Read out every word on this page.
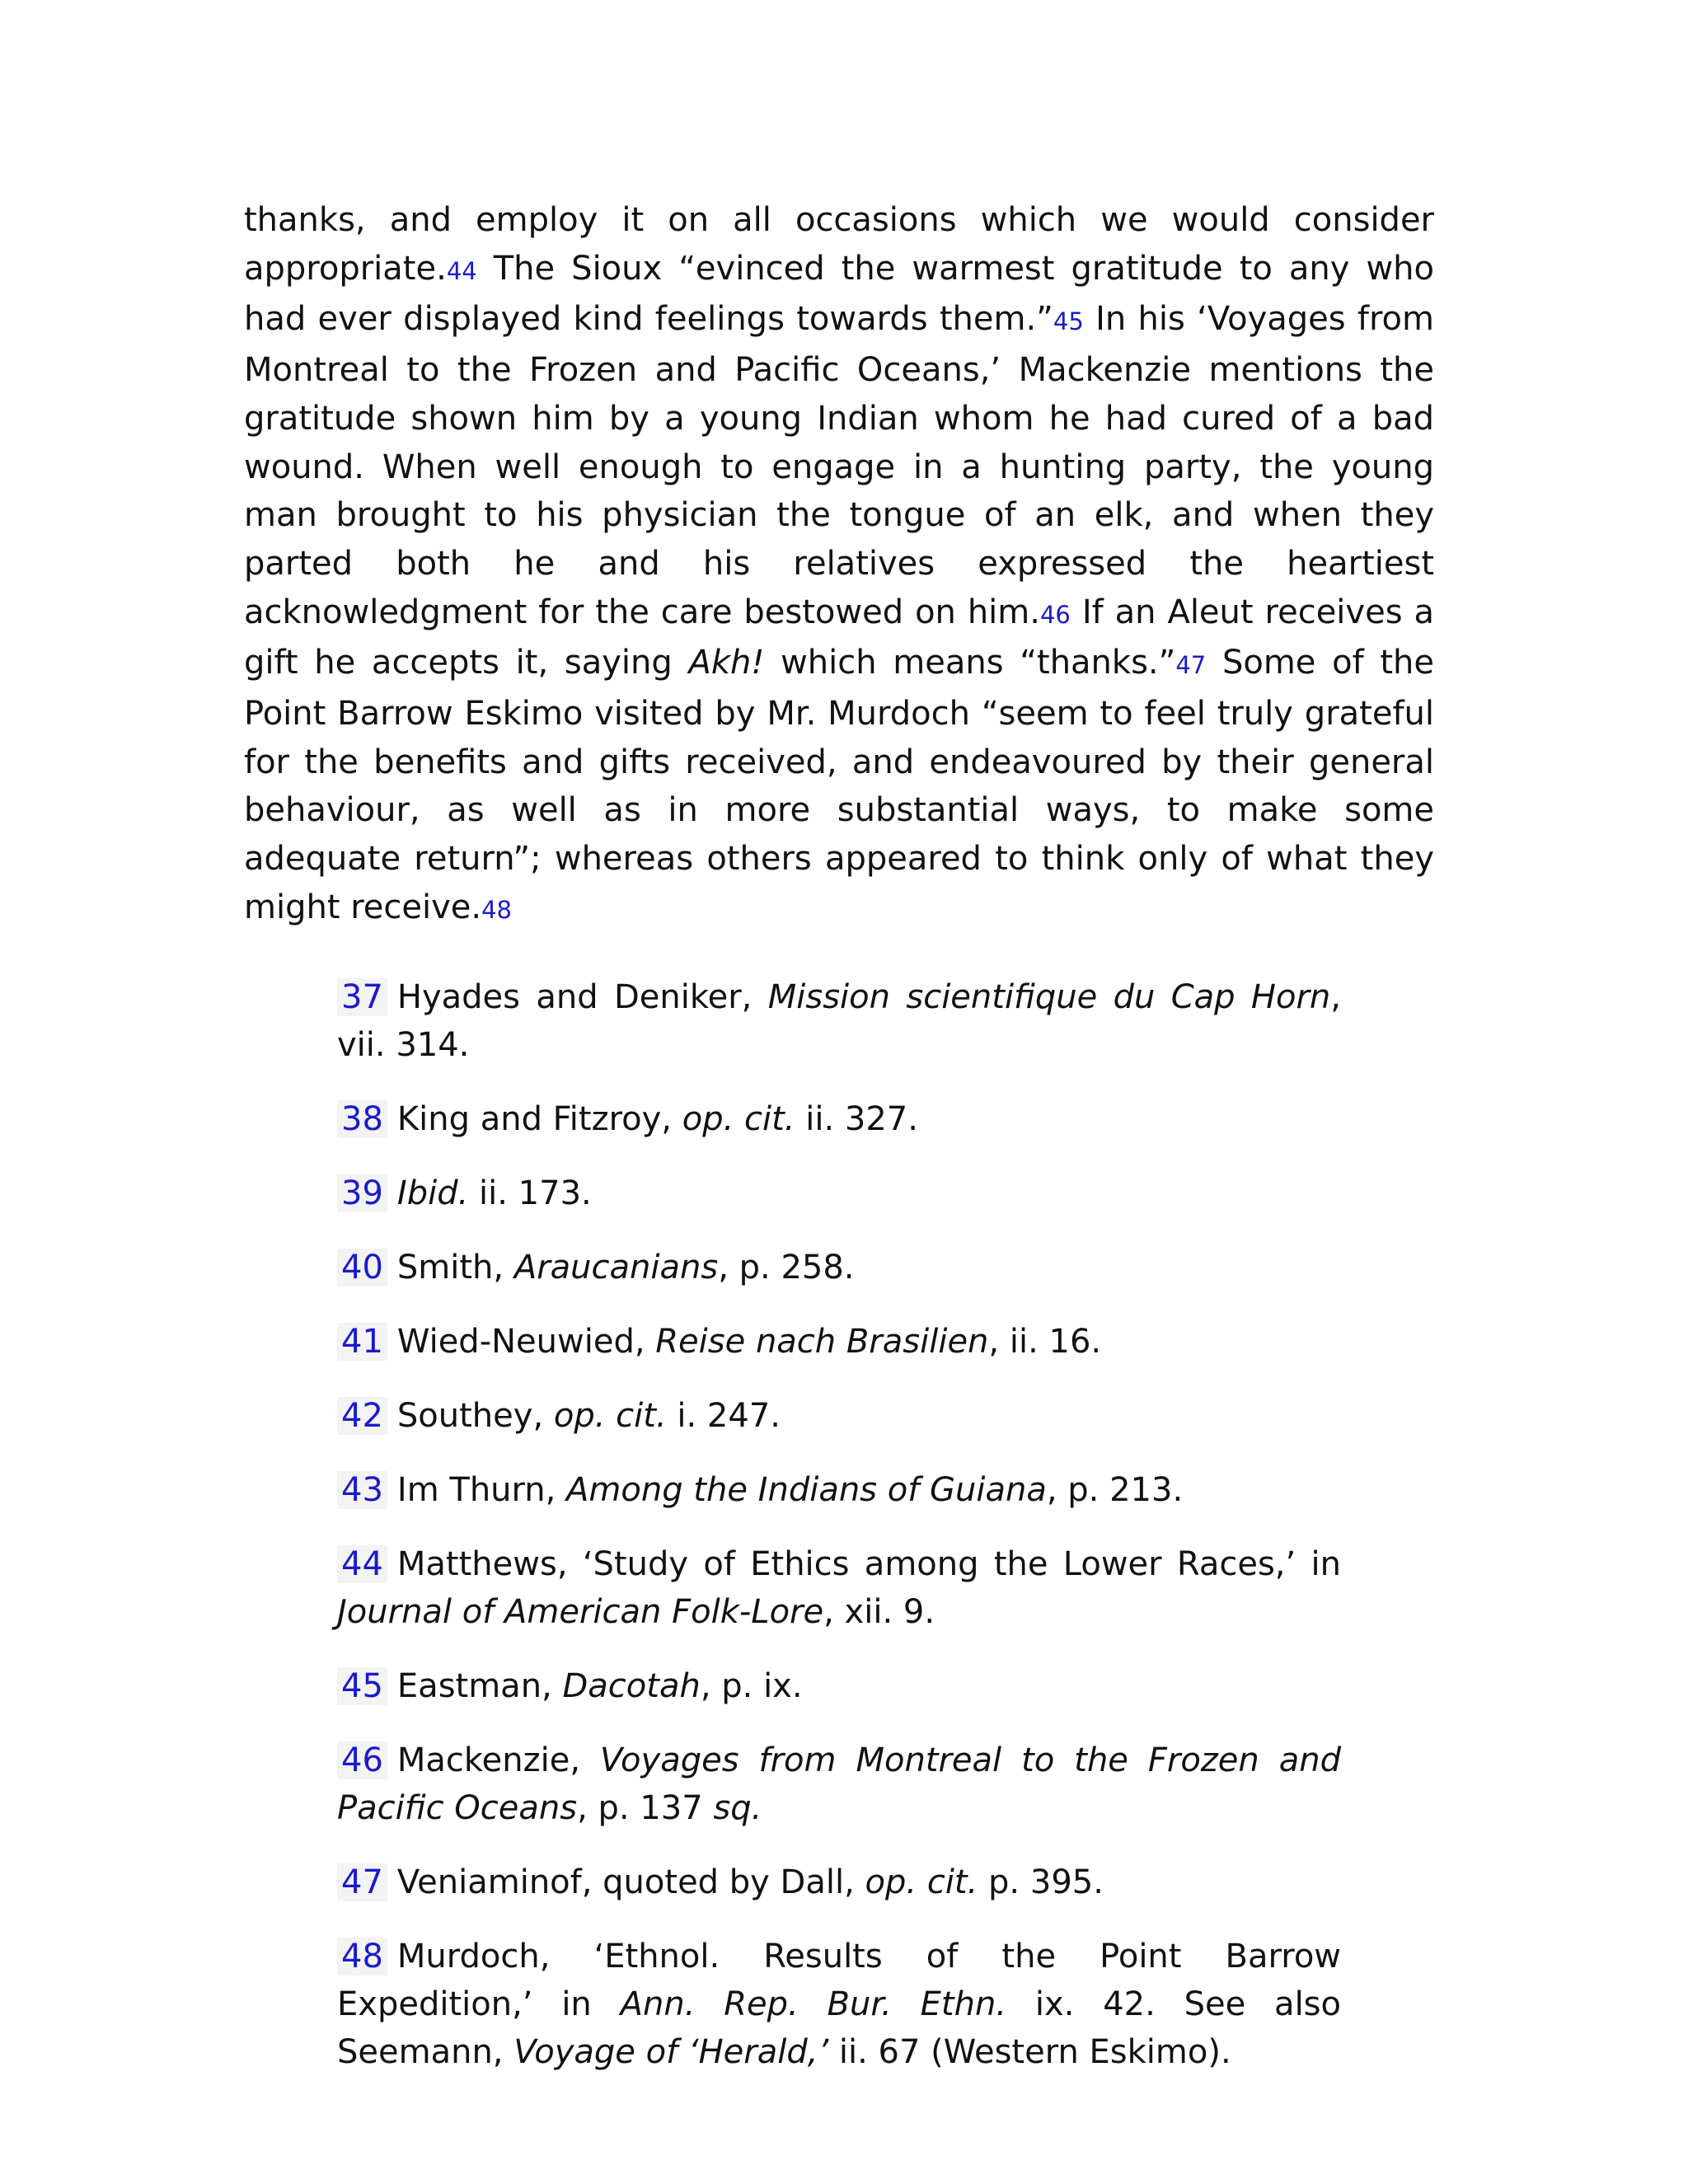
thanks, and employ it on all occasions which we would consider appropriate.44 The Sioux “evinced the warmest gratitude to any who had ever displayed kind feelings towards them.”45 In his ‘Voyages from Montreal to the Frozen and Pacific Oceans,’ Mackenzie mentions the gratitude shown him by a young Indian whom he had cured of a bad wound. When well enough to engage in a hunting party, the young man brought to his physician the tongue of an elk, and when they parted both he and his relatives expressed the heartiest acknowledgment for the care bestowed on him.46 If an Aleut receives a gift he accepts it, saying Akh! which means “thanks.”47 Some of the Point Barrow Eskimo visited by Mr. Murdoch “seem to feel truly grateful for the benefits and gifts received, and endeavoured by their general behaviour, as well as in more substantial ways, to make some adequate return”; whereas others appeared to think only of what they might receive.48

37 Hyades and Deniker, Mission scientifique du Cap Horn, vii. 314.

38 King and Fitzroy, op. cit. ii. 327.

39 Ibid. ii. 173.

40 Smith, Araucanians, p. 258.

41 Wied-Neuwied, Reise nach Brasilien, ii. 16.

42 Southey, op. cit. i. 247.

43 Im Thurn, Among the Indians of Guiana, p. 213.

44 Matthews, ‘Study of Ethics among the Lower Races,’ in Journal of American Folk-Lore, xii. 9.

45 Eastman, Dacotah, p. ix.

46 Mackenzie, Voyages from Montreal to the Frozen and Pacific Oceans, p. 137 sq.

47 Veniaminof, quoted by Dall, op. cit. p. 395.

48 Murdoch, ‘Ethnol. Results of the Point Barrow Expedition,’ in Ann. Rep. Bur. Ethn. ix. 42. See also Seemann, Voyage of ‘Herald,’ ii. 67 (Western Eskimo).
